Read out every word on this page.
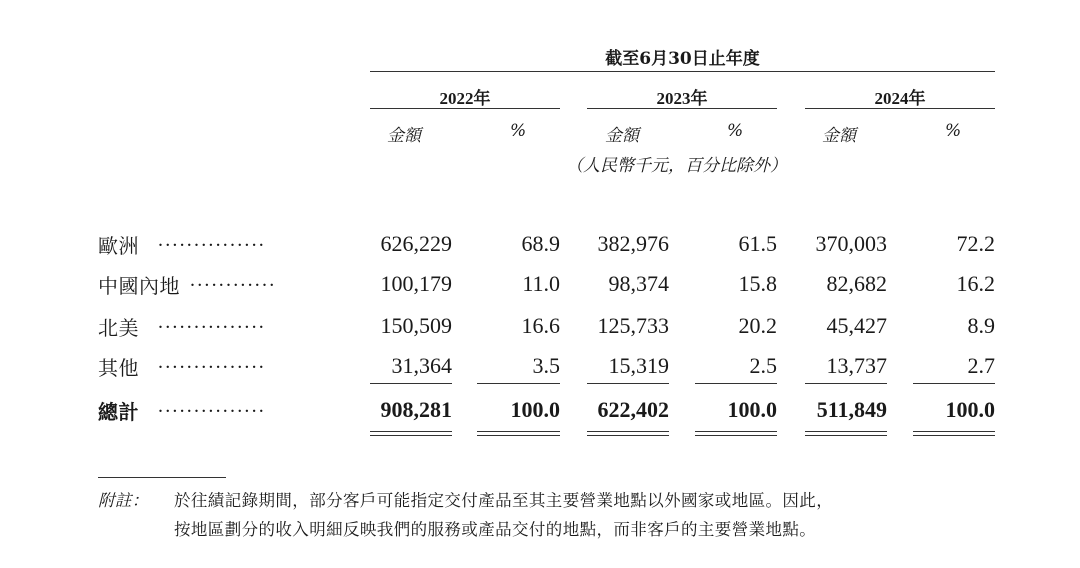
截至6月30日止年度
2022年	2023年	2024年
金額	%	金額	%	金額	%
（人民幣千元，百分比除外）
歐洲 ...............	626,229	68.9	382,976	61.5	370,003	72.2
中國內地 ............	100,179	11.0	98,374	15.8	82,682	16.2
北美 ...............	150,509	16.6	125,733	20.2	45,427	8.9
其他 ...............	31,364	3.5	15,319	2.5	13,737	2.7
總計 ...............	908,281	100.0	622,402	100.0	511,849	100.0
附註： 於往績記錄期間，部分客戶可能指定交付產品至其主要營業地點以外國家或地區。因此，
按地區劃分的收入明細反映我們的服務或產品交付的地點，而非客戶的主要營業地點。
